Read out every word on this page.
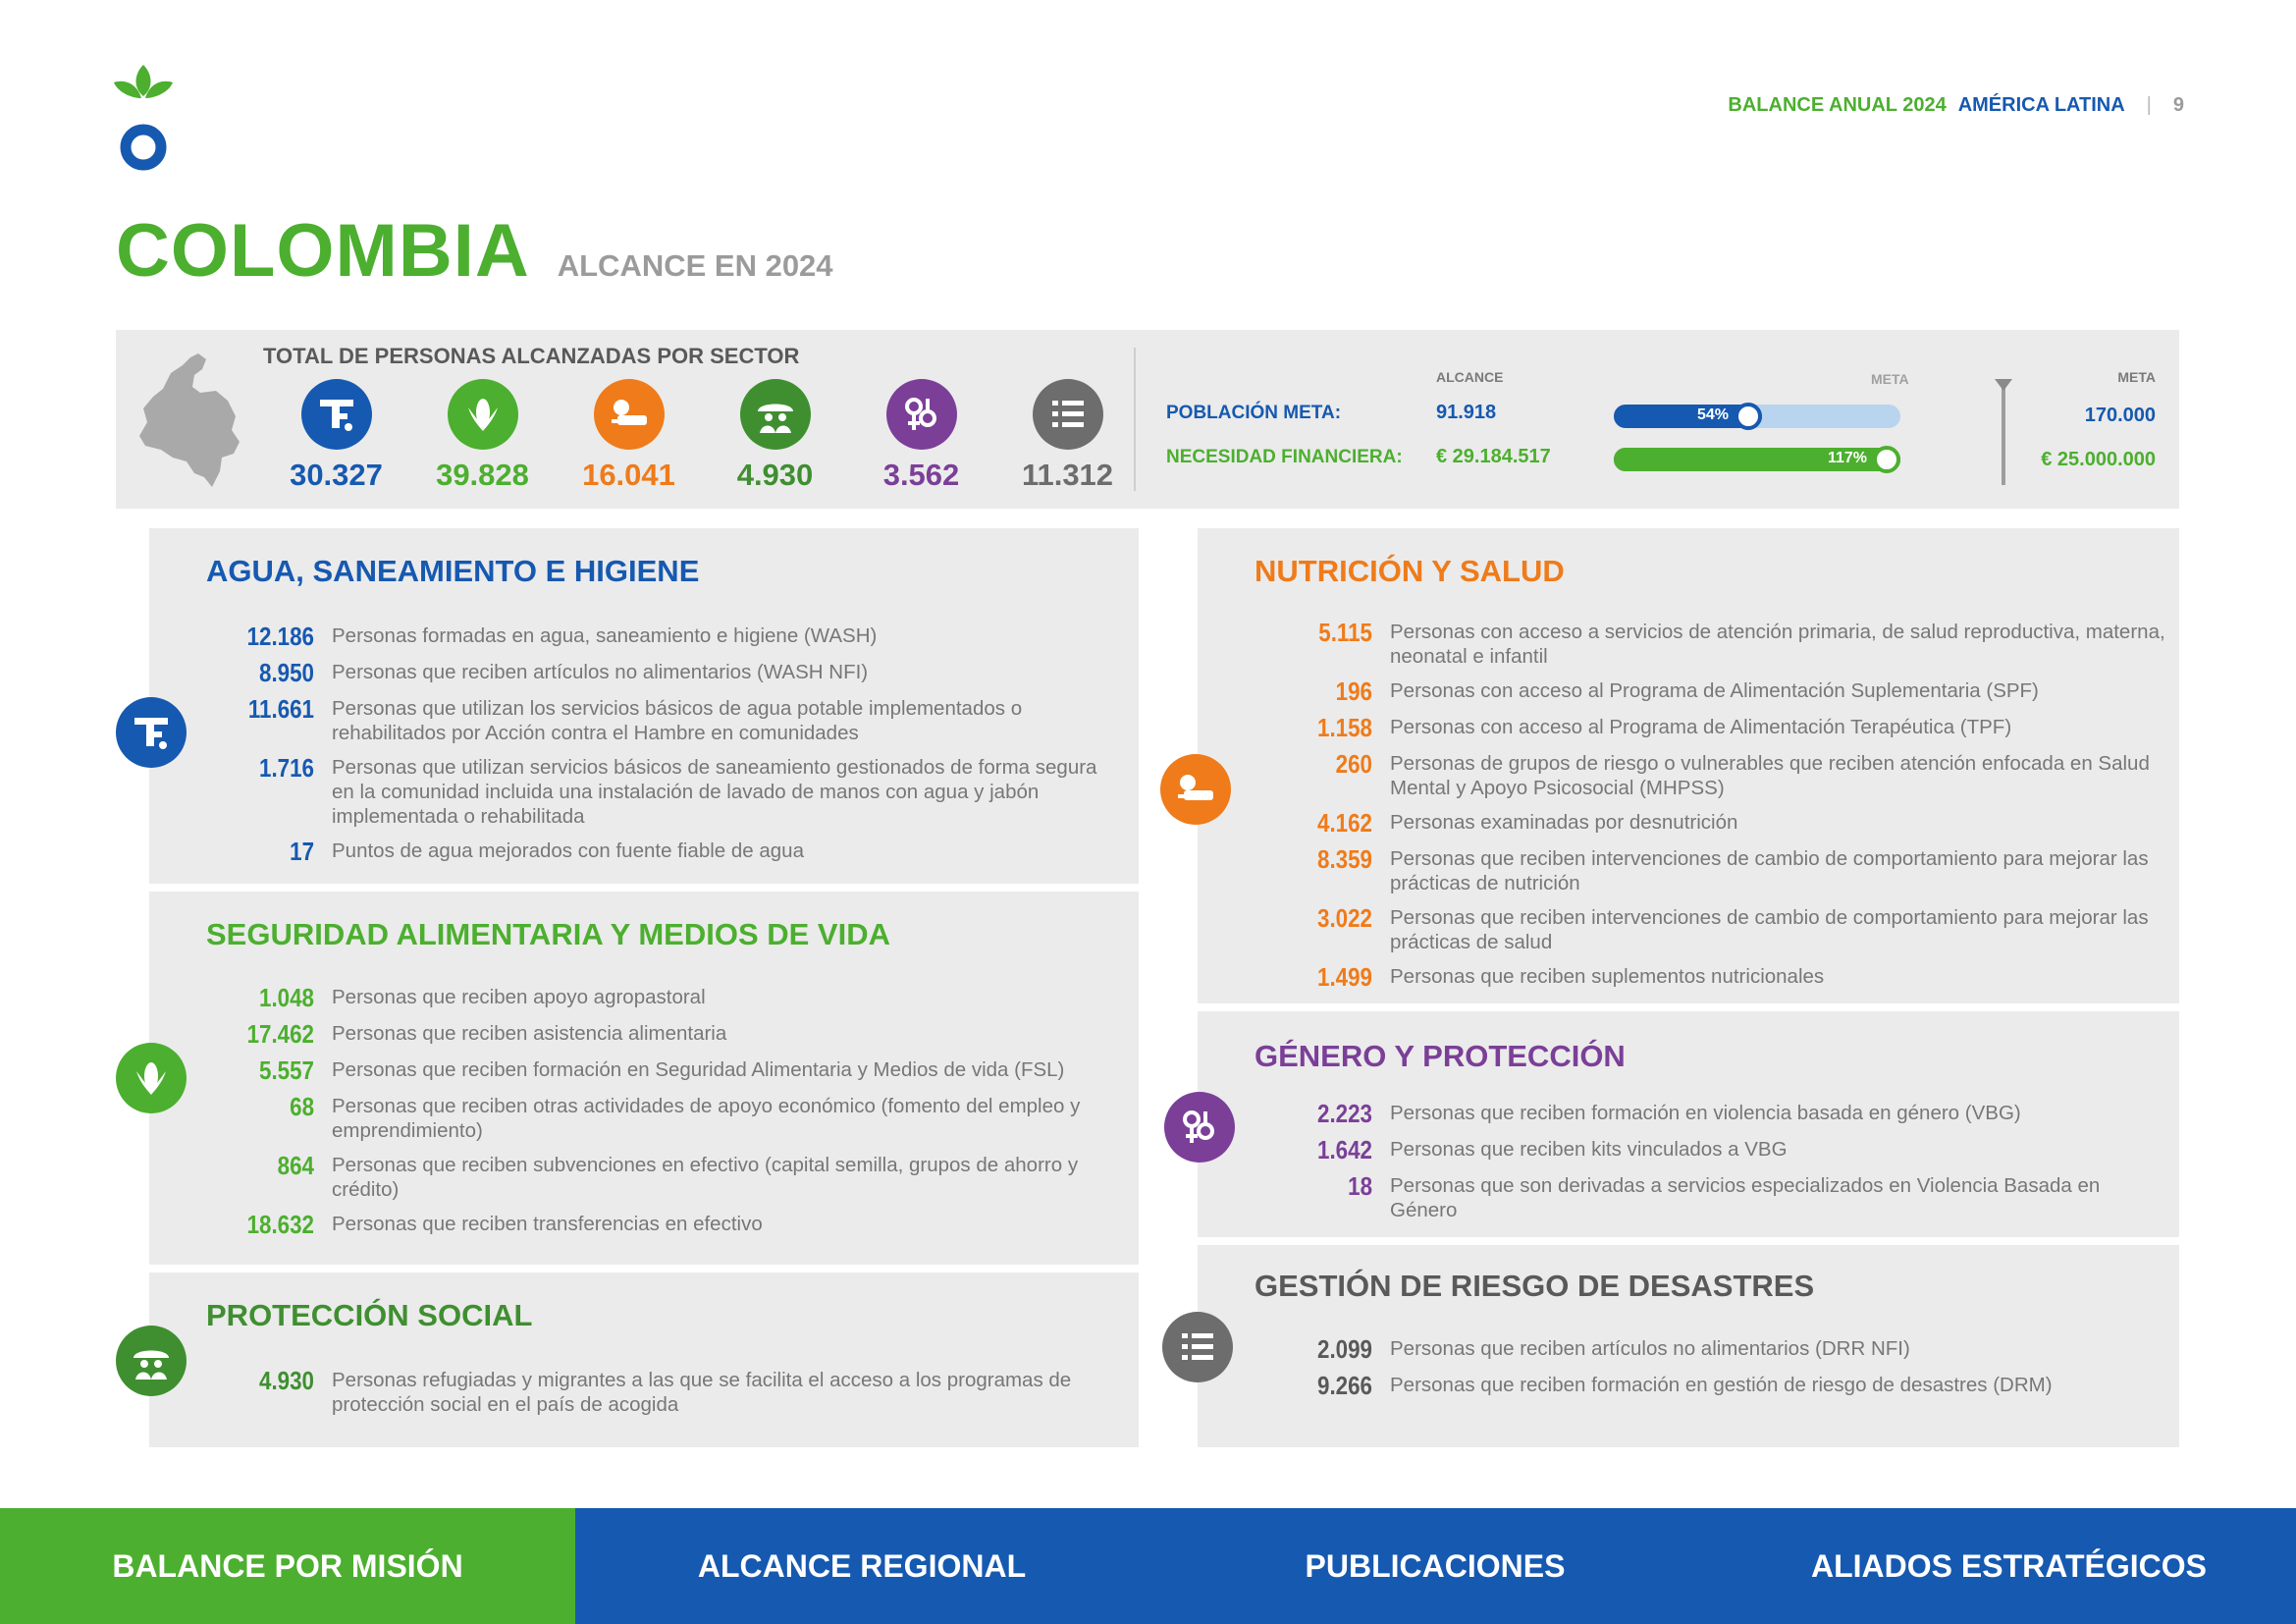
BALANCE ANUAL 2024 AMÉRICA LATINA | 9
COLOMBIA ALCANCE EN 2024
TOTAL DE PERSONAS ALCANZADAS POR SECTOR
30.327 39.828 16.041 4.930 3.562 11.312
ALCANCE	META	META
POBLACIÓN META:	91.918	54%	170.000
NECESIDAD FINANCIERA: € 29.184.517	117%	€ 25.000.000
AGUA, SANEAMIENTO E HIGIENE
12.186 Personas formadas en agua, saneamiento e higiene (WASH)
8.950 Personas que reciben artículos no alimentarios (WASH NFI)
11.661 Personas que utilizan los servicios básicos de agua potable implementados o rehabilitados por Acción contra el Hambre en comunidades
1.716 Personas que utilizan servicios básicos de saneamiento gestionados de forma segura en la comunidad incluida una instalación de lavado de manos con agua y jabón implementada o rehabilitada
17 Puntos de agua mejorados con fuente fiable de agua
SEGURIDAD ALIMENTARIA Y MEDIOS DE VIDA
1.048 Personas que reciben apoyo agropastoral
17.462 Personas que reciben asistencia alimentaria
5.557 Personas que reciben formación en Seguridad Alimentaria y Medios de vida (FSL)
68 Personas que reciben otras actividades de apoyo económico (fomento del empleo y emprendimiento)
864 Personas que reciben subvenciones en efectivo (capital semilla, grupos de ahorro y crédito)
18.632 Personas que reciben transferencias en efectivo
PROTECCIÓN SOCIAL
4.930 Personas refugiadas y migrantes a las que se facilita el acceso a los programas de protección social en el país de acogida
NUTRICIÓN Y SALUD
5.115 Personas con acceso a servicios de atención primaria, de salud reproductiva, materna, neonatal e infantil
196 Personas con acceso al Programa de Alimentación Suplementaria (SPF)
1.158 Personas con acceso al Programa de Alimentación Terapéutica (TPF)
260 Personas de grupos de riesgo o vulnerables que reciben atención enfocada en Salud Mental y Apoyo Psicosocial (MHPSS)
4.162 Personas examinadas por desnutrición
8.359 Personas que reciben intervenciones de cambio de comportamiento para mejorar las prácticas de nutrición
3.022 Personas que reciben intervenciones de cambio de comportamiento para mejorar las prácticas de salud
1.499 Personas que reciben suplementos nutricionales
GÉNERO Y PROTECCIÓN
2.223 Personas que reciben formación en violencia basada en género (VBG)
1.642 Personas que reciben kits vinculados a VBG
18 Personas que son derivadas a servicios especializados en Violencia Basada en Género
GESTIÓN DE RIESGO DE DESASTRES
2.099 Personas que reciben artículos no alimentarios (DRR NFI)
9.266 Personas que reciben formación en gestión de riesgo de desastres (DRM)
BALANCE POR MISIÓN	ALCANCE REGIONAL	PUBLICACIONES	ALIADOS ESTRATÉGICOS
